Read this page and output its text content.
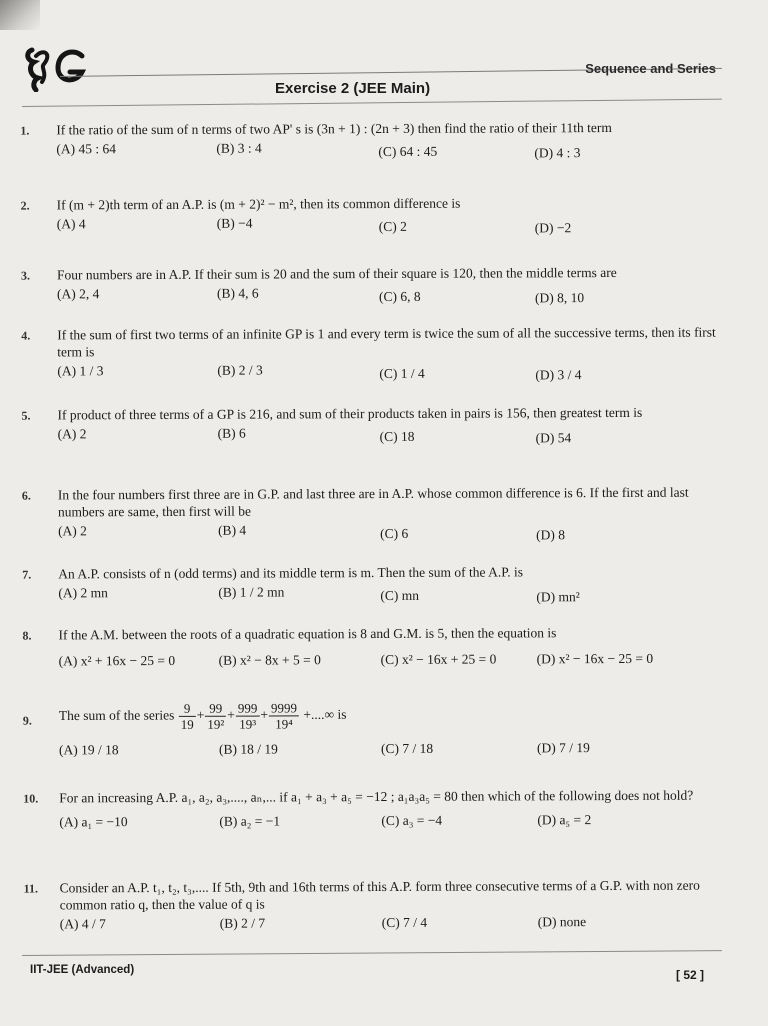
Sequence and Series
Exercise 2 (JEE Main)
1.	If the ratio of the sum of n terms of two AP' s is (3n + 1) : (2n + 3) then find the ratio of their 11th term
(A) 45 : 64	(B) 3 : 4	(C) 64 : 45	(D) 4 : 3
2.	If (m + 2)th term of an A.P. is (m + 2)² − m², then its common difference is
(A) 4	(B) −4	(C) 2	(D) −2
3.	Four numbers are in A.P. If their sum is 20 and the sum of their square is 120, then the middle terms are
(A) 2, 4	(B) 4, 6	(C) 6, 8	(D) 8, 10
4.	If the sum of first two terms of an infinite GP is 1 and every term is twice the sum of all the successive terms, then its first term is
(A) 1 / 3	(B) 2 / 3	(C) 1 / 4	(D) 3 / 4
5.	If product of three terms of a GP is 216, and sum of their products taken in pairs is 156, then greatest term is
(A) 2	(B) 6	(C) 18	(D) 54
6.	In the four numbers first three are in G.P. and last three are in A.P. whose common difference is 6. If the first and last numbers are same, then first will be
(A) 2	(B) 4	(C) 6	(D) 8
7.	An A.P. consists of n (odd terms) and its middle term is m. Then the sum of the A.P. is
(A) 2 mn	(B) 1 / 2 mn	(C) mn	(D) mn²
8.	If the A.M. between the roots of a quadratic equation is 8 and G.M. is 5, then the equation is
(A) x² + 16x − 25 = 0	(B) x² − 8x + 5 = 0	(C) x² − 16x + 25 = 0	(D) x² − 16x − 25 = 0
9.	The sum of the series $\frac{9}{19} + \frac{99}{\text{19²}} + \frac{999}{\text{19³}} + \frac{9999}{\text{19⁴}}$ +....∞ is
(A) 19 / 18	(B) 18 / 19	(C) 7 / 18	(D) 7 / 19
10.	For an increasing A.P. a₁, a₂, a₃,...., aₙ,... if a₁ + a₃ + a₅ = −12 ; a₁a₃a₅ = 80 then which of the following does not hold?
(A) a₁ = −10	(B) a₂ = −1	(C) a₃ = −4	(D) a₅ = 2
11.	Consider an A.P. t₁, t₂, t₃,.... If 5th, 9th and 16th terms of this A.P. form three consecutive terms of a G.P. with non zero common ratio q, then the value of q is
(A) 4 / 7	(B) 2 / 7	(C) 7 / 4	(D) none
IIT-JEE (Advanced)	[ 52 ]
